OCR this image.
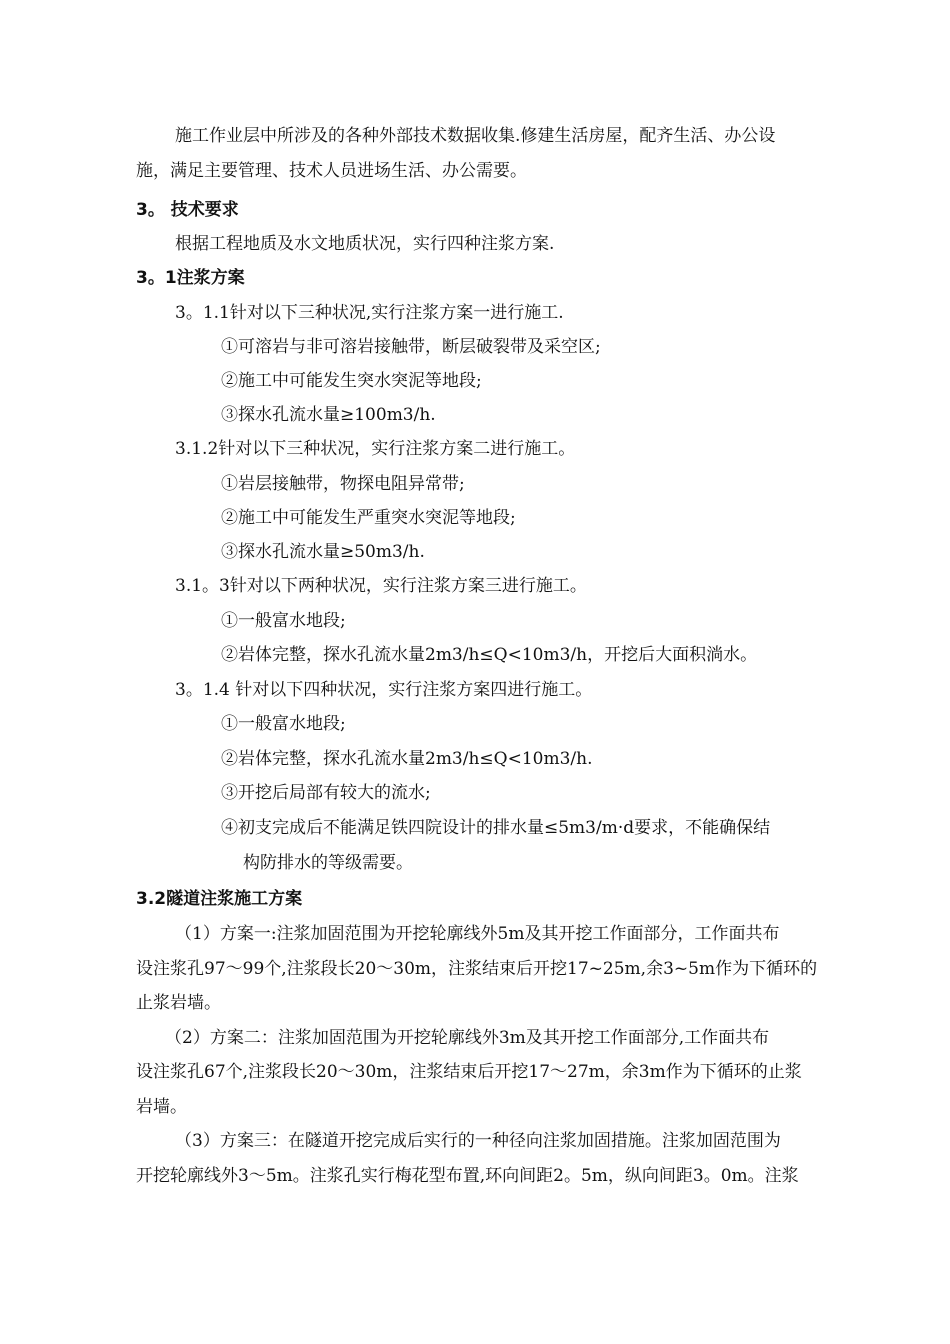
施工作业层中所涉及的各种外部技术数据收集.修建生活房屋，配齐生活、办公设
施，满足主要管理、技术人员进场生活、办公需要。
3。 技术要求
根据工程地质及水文地质状况，实行四种注浆方案.
3。1注浆方案
3。1.1针对以下三种状况,实行注浆方案一进行施工.
①可溶岩与非可溶岩接触带，断层破裂带及采空区;
②施工中可能发生突水突泥等地段;
③探水孔流水量≥100m3/h.
3.1.2针对以下三种状况，实行注浆方案二进行施工。
①岩层接触带，物探电阻异常带;
②施工中可能发生严重突水突泥等地段;
③探水孔流水量≥50m3/h.
3.1。3针对以下两种状况，实行注浆方案三进行施工。
①一般富水地段;
②岩体完整，探水孔流水量2m3/h≤Q<10m3/h，开挖后大面积淌水。
3。1.4 针对以下四种状况，实行注浆方案四进行施工。
①一般富水地段;
②岩体完整，探水孔流水量2m3/h≤Q<10m3/h.
③开挖后局部有较大的流水;
④初支完成后不能满足铁四院设计的排水量≤5m3/m·d要求，不能确保结
构防排水的等级需要。
3.2隧道注浆施工方案
（1）方案一:注浆加固范围为开挖轮廓线外5m及其开挖工作面部分，工作面共布
设注浆孔97～99个,注浆段长20～30m，注浆结束后开挖17~25m,余3~5m作为下循环的
止浆岩墙。
（2）方案二：注浆加固范围为开挖轮廓线外3m及其开挖工作面部分,工作面共布
设注浆孔67个,注浆段长20～30m，注浆结束后开挖17～27m，余3m作为下循环的止浆
岩墙。
（3）方案三：在隧道开挖完成后实行的一种径向注浆加固措施。注浆加固范围为
开挖轮廓线外3～5m。注浆孔实行梅花型布置,环向间距2。5m，纵向间距3。0m。注浆
